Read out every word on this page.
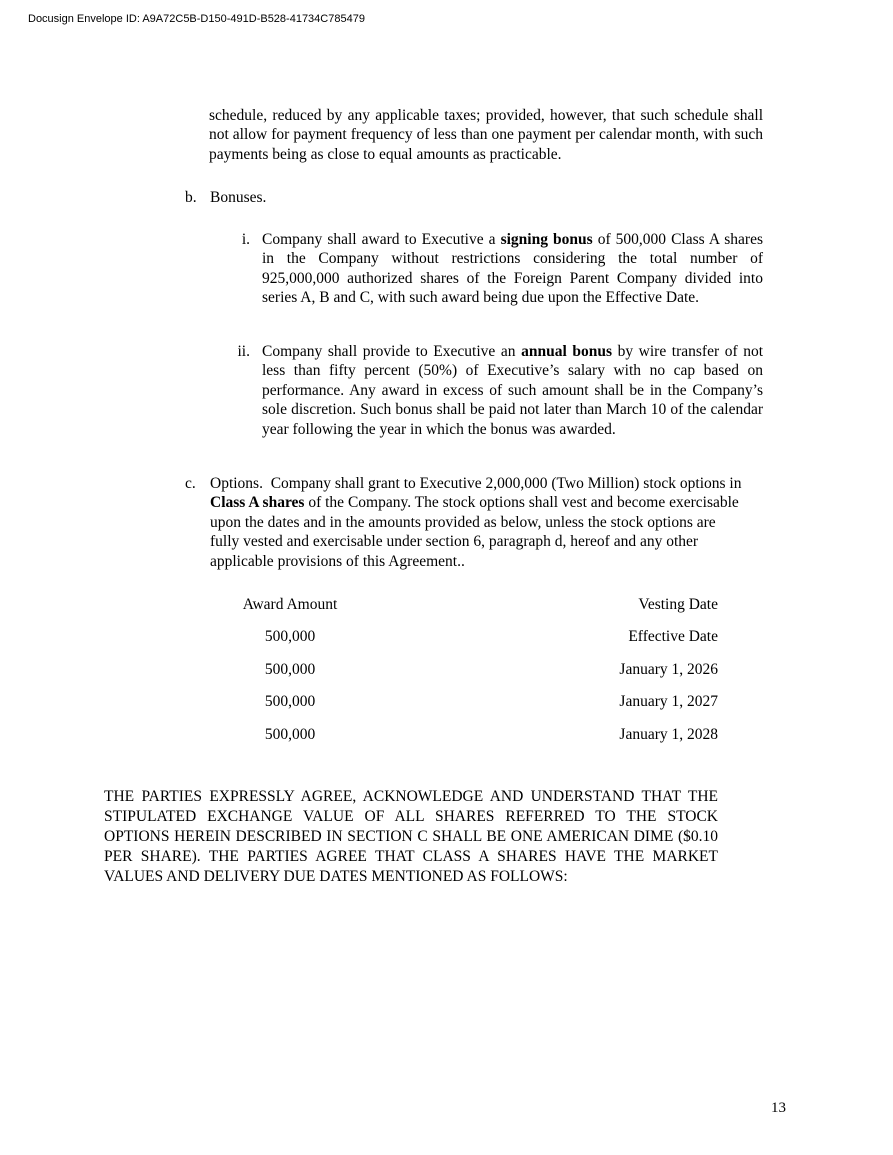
Docusign Envelope ID: A9A72C5B-D150-491D-B528-41734C785479
schedule, reduced by any applicable taxes; provided, however, that such schedule shall not allow for payment frequency of less than one payment per calendar month, with such payments being as close to equal amounts as practicable.
b. Bonuses.
i. Company shall award to Executive a signing bonus of 500,000 Class A shares in the Company without restrictions considering the total number of 925,000,000 authorized shares of the Foreign Parent Company divided into series A, B and C, with such award being due upon the Effective Date.
ii. Company shall provide to Executive an annual bonus by wire transfer of not less than fifty percent (50%) of Executive’s salary with no cap based on performance. Any award in excess of such amount shall be in the Company’s sole discretion. Such bonus shall be paid not later than March 10 of the calendar year following the year in which the bonus was awarded.
c. Options.  Company shall grant to Executive 2,000,000 (Two Million) stock options in Class A shares of the Company. The stock options shall vest and become exercisable upon the dates and in the amounts provided as below, unless the stock options are fully vested and exercisable under section 6, paragraph d, hereof and any other applicable provisions of this Agreement..
Award Amount	Vesting Date
500,000	Effective Date
500,000	January 1, 2026
500,000	January 1, 2027
500,000	January 1, 2028
THE PARTIES EXPRESSLY AGREE, ACKNOWLEDGE AND UNDERSTAND THAT THE STIPULATED EXCHANGE VALUE OF ALL SHARES REFERRED TO THE STOCK OPTIONS HEREIN DESCRIBED IN SECTION C SHALL BE ONE AMERICAN DIME ($0.10 PER SHARE). THE PARTIES AGREE THAT CLASS A SHARES HAVE THE MARKET VALUES AND DELIVERY DUE DATES MENTIONED AS FOLLOWS:
13
